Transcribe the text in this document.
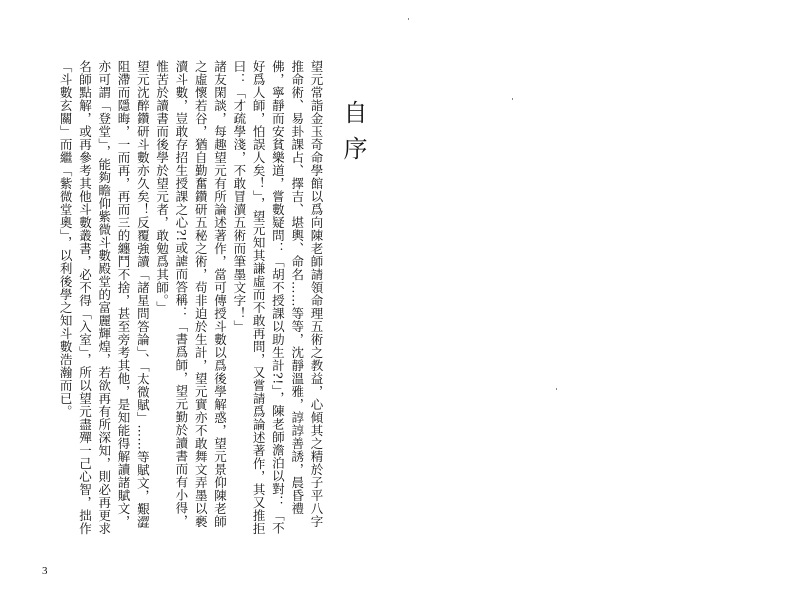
自序

望元常詣金玉奇命學館以爲向陳老師請領命理五術之教益，心傾其之精於子平八字推命術、易卦課占、擇吉、堪輿、命名……等等，沈靜溫雅，諄諄善誘，晨昏禮佛，寧靜而安貧樂道，嘗數疑問：「胡不授課以助生計?!」，陳老師澹泊以對：「不好爲人師，怕誤人矣！」，望元知其謙虛而不敢再問，又嘗請爲論述著作，其又推拒曰：「才疏學淺，不敢冒瀆五術而筆墨文字！」

諸友閑談，每趣望元有所論述著作，當可傳授斗數以爲後學解惑，望元景仰陳老師之虛懷若谷，猶自勤奮鑽研五秘之術，茍非迫於生計，望元實亦不敢舞文弄墨以褻瀆斗數，豈敢存招生授課之心?!或謔而答稱：「書爲師，望元勤於讀書而有小得，惟苦於讀書而後學於望元者，敢勉爲其師。」

望元沈醉鑽研斗數亦久矣！反覆強讀「諸星問答論」、「太微賦」……等賦文，艱澀阻滯而隱晦，一而再，再而三的纏鬥不捨，甚至旁考其他，是知能得解讀諸賦文，亦可謂「登堂」，能夠瞻仰紫微斗數殿堂的富麗輝煌，若欲再有所深知，則必再更求名師點解，或再參考其他斗數叢書，必不得「入室」，所以望元盡殫一己心智，拙作「斗數玄關」而繼「紫微堂奧」，以利後學之知斗數浩瀚而已。

3
